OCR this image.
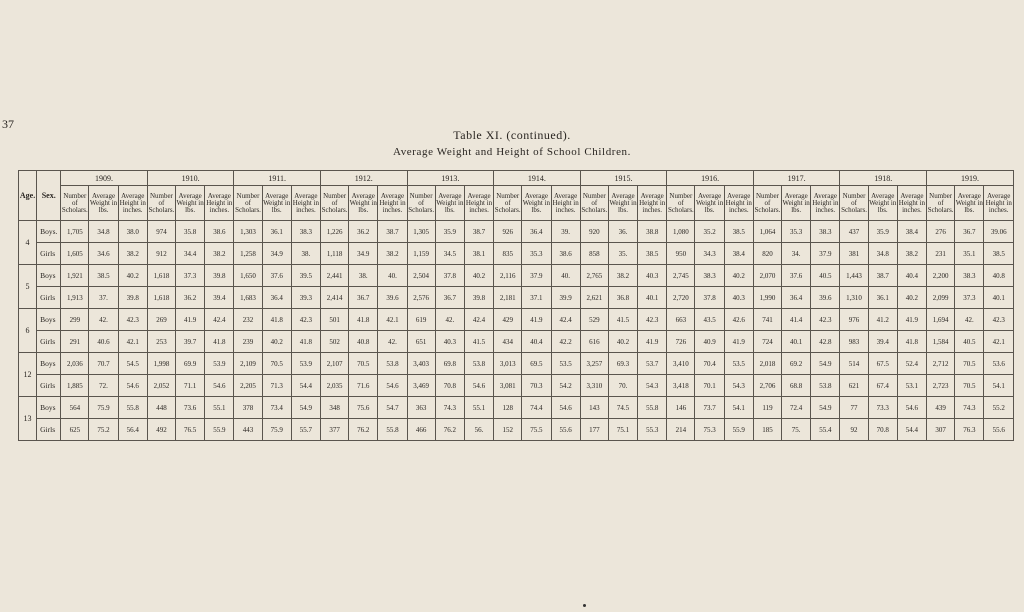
37
Table XI. (continued).
Average Weight and Height of School Children.
Age.	Sex.	1909.			1910.			1911.			1912.			1913.			1914.			1915.			1916.			1917.			1918.			1919.		
		Number of Scholars.	Average Weight in lbs.	Average Height in inches.	Number of Scholars.	Average Weight in lbs.	Average Height in inches.	Number of Scholars.	Average Weight in lbs.	Average Height in inches.	Number of Scholars.	Average Weight in lbs.	Average Height in inches.	Number of Scholars.	Average Weight in lbs.	Average Height in inches.	Number of Scholars.	Average Weight in lbs.	Average Height in inches.	Number of Scholars.	Average Weight in lbs.	Average Height in inches.	Number of Scholars.	Average Weight in lbs.	Average Height in inches.	Number of Scholars.	Average Weight in lbs.	Average Height in inches.	Number of Scholars.	Average Weight in lbs.	Average Height in inches.	Number of Scholars.	Average Weight in lbs.	Average Height in inches.
4	Boys.	1,705	34.8	38.0	974	35.8	38.6	1,303	36.1	38.3	1,226	36.2	38.7	1,305	35.9	38.7	926	36.4	39.	920	36.	38.8	1,080	35.2	38.5	1,064	35.3	38.3	437	35.9	38.4	276	36.7	39.06
	Girls	1,605	34.6	38.2	912	34.4	38.2	1,258	34.9	38.	1,118	34.9	38.2	1,159	34.5	38.1	835	35.3	38.6	858	35.	38.5	950	34.3	38.4	820	34.	37.9	381	34.8	38.2	231	35.1	38.5
5	Boys	1,921	38.5	40.2	1,618	37.3	39.8	1,650	37.6	39.5	2,441	38.	40.	2,504	37.8	40.2	2,116	37.9	40.	2,765	38.2	40.3	2,745	38.3	40.2	2,070	37.6	40.5	1,443	38.7	40.4	2,200	38.3	40.8
	Girls	1,913	37.	39.8	1,618	36.2	39.4	1,683	36.4	39.3	2,414	36.7	39.6	2,576	36.7	39.8	2,181	37.1	39.9	2,621	36.8	40.1	2,720	37.8	40.3	1,990	36.4	39.6	1,310	36.1	40.2	2,099	37.3	40.1
6	Boys	299	42.	42.3	269	41.9	42.4	232	41.8	42.3	501	41.8	42.1	619	42.	42.4	429	41.9	42.4	529	41.5	42.3	663	43.5	42.6	741	41.4	42.3	976	41.2	41.9	1,694	42.	42.3
	Girls	291	40.6	42.1	253	39.7	41.8	239	40.2	41.8	502	40.8	42.	651	40.3	41.5	434	40.4	42.2	616	40.2	41.9	726	40.9	41.9	724	40.1	42.8	983	39.4	41.8	1,584	40.5	42.1
12	Boys	2,036	70.7	54.5	1,998	69.9	53.9	2,109	70.5	53.9	2,107	70.5	53.8	3,403	69.8	53.8	3,013	69.5	53.5	3,257	69.3	53.7	3,410	70.4	53.5	2,018	69.2	54.9	514	67.5	52.4	2,712	70.5	53.6
	Girls	1,885	72.	54.6	2,052	71.1	54.6	2,205	71.3	54.4	2,035	71.6	54.6	3,469	70.8	54.6	3,081	70.3	54.2	3,310	70.	54.3	3,418	70.1	54.3	2,706	68.8	53.8	621	67.4	53.1	2,723	70.5	54.1
13	Boys	564	75.9	55.8	448	73.6	55.1	378	73.4	54.9	348	75.6	54.7	363	74.3	55.1	128	74.4	54.6	143	74.5	55.8	146	73.7	54.1	119	72.4	54.9	77	73.3	54.6	439	74.3	55.2
	Girls	625	75.2	56.4	492	76.5	55.9	443	75.9	55.7	377	76.2	55.8	466	76.2	56.	152	75.5	55.6	177	75.1	55.3	214	75.3	55.9	185	75.	55.4	92	70.8	54.4	307	76.3	55.6
